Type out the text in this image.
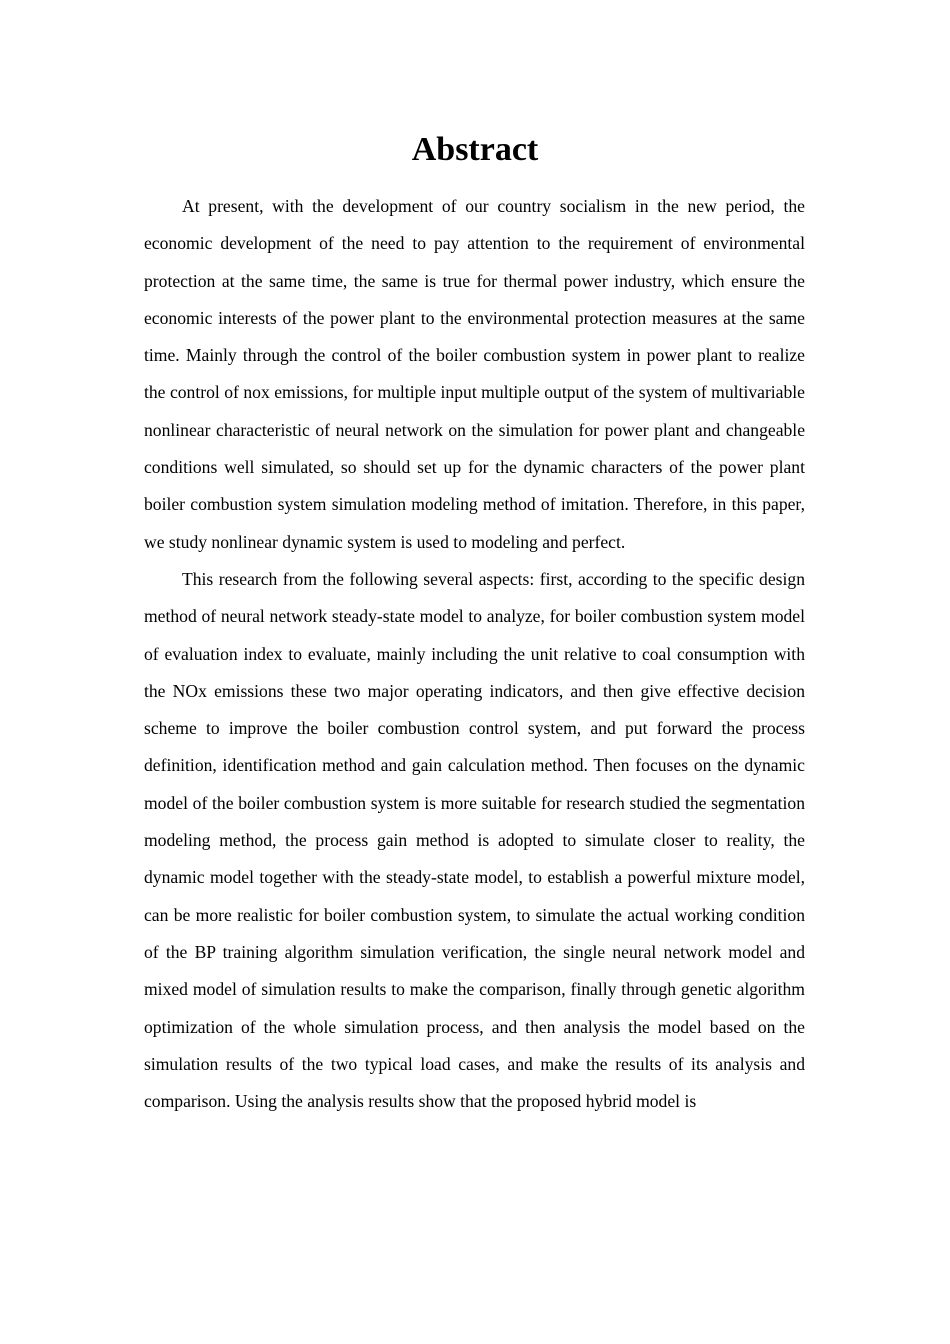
Abstract

At present, with the development of our country socialism in the new period, the economic development of the need to pay attention to the requirement of environmental protection at the same time, the same is true for thermal power industry, which ensure the economic interests of the power plant to the environmental protection measures at the same time. Mainly through the control of the boiler combustion system in power plant to realize the control of nox emissions, for multiple input multiple output of the system of multivariable nonlinear characteristic of neural network on the simulation for power plant and changeable conditions well simulated, so should set up for the dynamic characters of the power plant boiler combustion system simulation modeling method of imitation. Therefore, in this paper, we study nonlinear dynamic system is used to modeling and perfect.

This research from the following several aspects: first, according to the specific design method of neural network steady-state model to analyze, for boiler combustion system model of evaluation index to evaluate, mainly including the unit relative to coal consumption with the NOx emissions these two major operating indicators, and then give effective decision scheme to improve the boiler combustion control system, and put forward the process definition, identification method and gain calculation method. Then focuses on the dynamic model of the boiler combustion system is more suitable for research studied the segmentation modeling method, the process gain method is adopted to simulate closer to reality, the dynamic model together with the steady-state model, to establish a powerful mixture model, can be more realistic for boiler combustion system, to simulate the actual working condition of the BP training algorithm simulation verification, the single neural network model and mixed model of simulation results to make the comparison, finally through genetic algorithm optimization of the whole simulation process, and then analysis the model based on the simulation results of the two typical load cases, and make the results of its analysis and comparison. Using the analysis results show that the proposed hybrid model is
